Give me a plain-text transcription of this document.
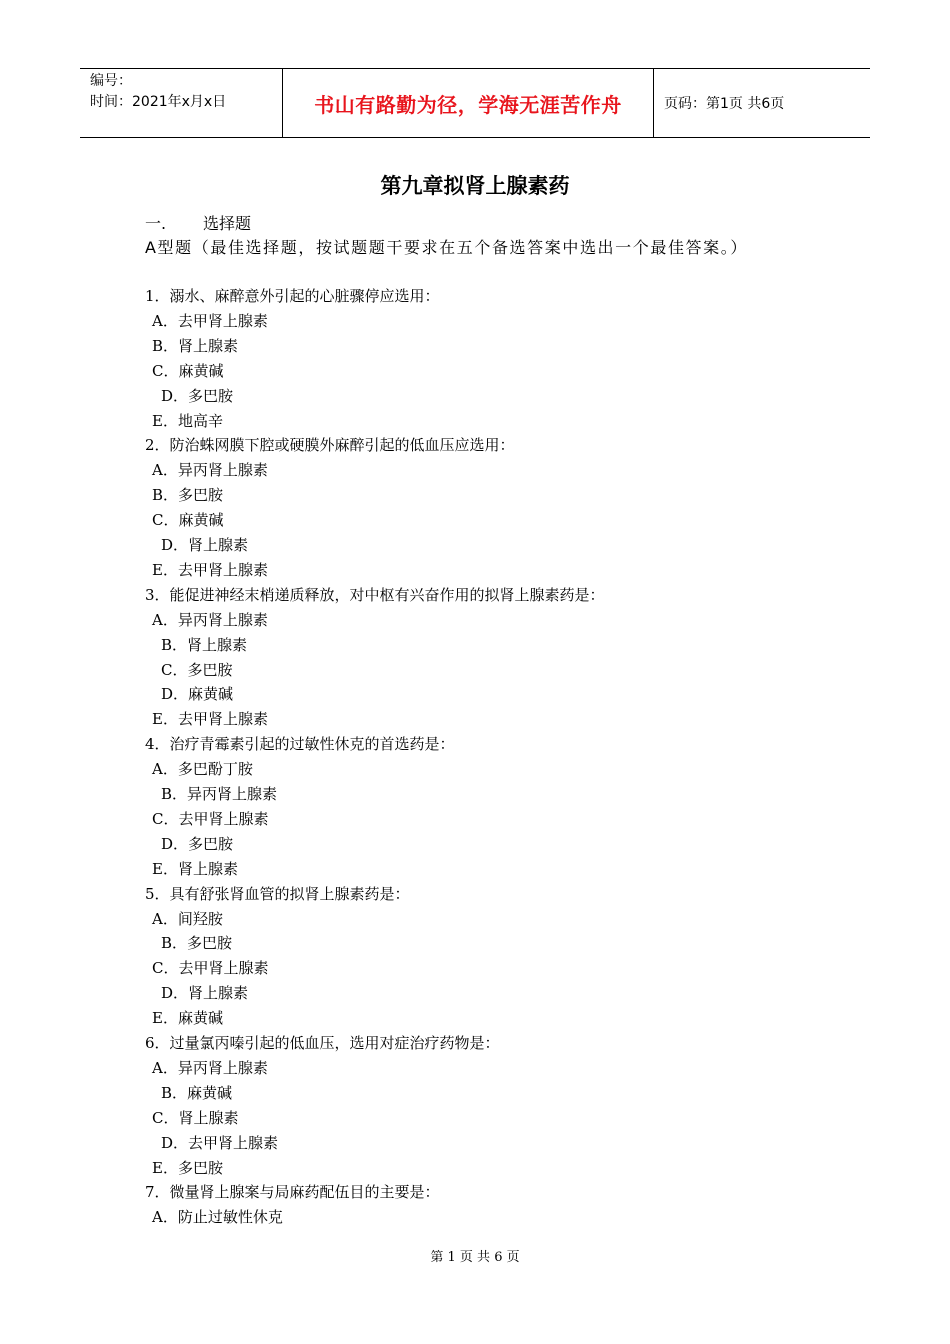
编号：
时间：2021年x月x日	书山有路勤为径，学海无涯苦作舟	页码：第1页 共6页
第九章拟肾上腺素药
一. 选择题
A型题（最佳选择题，按试题题干要求在五个备选答案中选出一个最佳答案。）
1．溺水、麻醉意外引起的心脏骤停应选用：
A．去甲肾上腺素
B．肾上腺素
C．麻黄碱
D．多巴胺
E．地高辛
2．防治蛛网膜下腔或硬膜外麻醉引起的低血压应选用：
A．异丙肾上腺素
B．多巴胺
C．麻黄碱
D．肾上腺素
E．去甲肾上腺素
3．能促进神经末梢递质释放，对中枢有兴奋作用的拟肾上腺素药是：
A．异丙肾上腺素
B．肾上腺素
C．多巴胺
D．麻黄碱
E．去甲肾上腺素
4．治疗青霉素引起的过敏性休克的首选药是：
A．多巴酚丁胺
B．异丙肾上腺素
C．去甲肾上腺素
D．多巴胺
E．肾上腺素
5．具有舒张肾血管的拟肾上腺素药是：
A．间羟胺
B．多巴胺
C．去甲肾上腺素
D．肾上腺素
E．麻黄碱
6．过量氯丙嗪引起的低血压，选用对症治疗药物是：
A．异丙肾上腺素
B．麻黄碱
C．肾上腺素
D．去甲肾上腺素
E．多巴胺
7．微量肾上腺案与局麻药配伍目的主要是：
A．防止过敏性休克
第 1 页 共 6 页
